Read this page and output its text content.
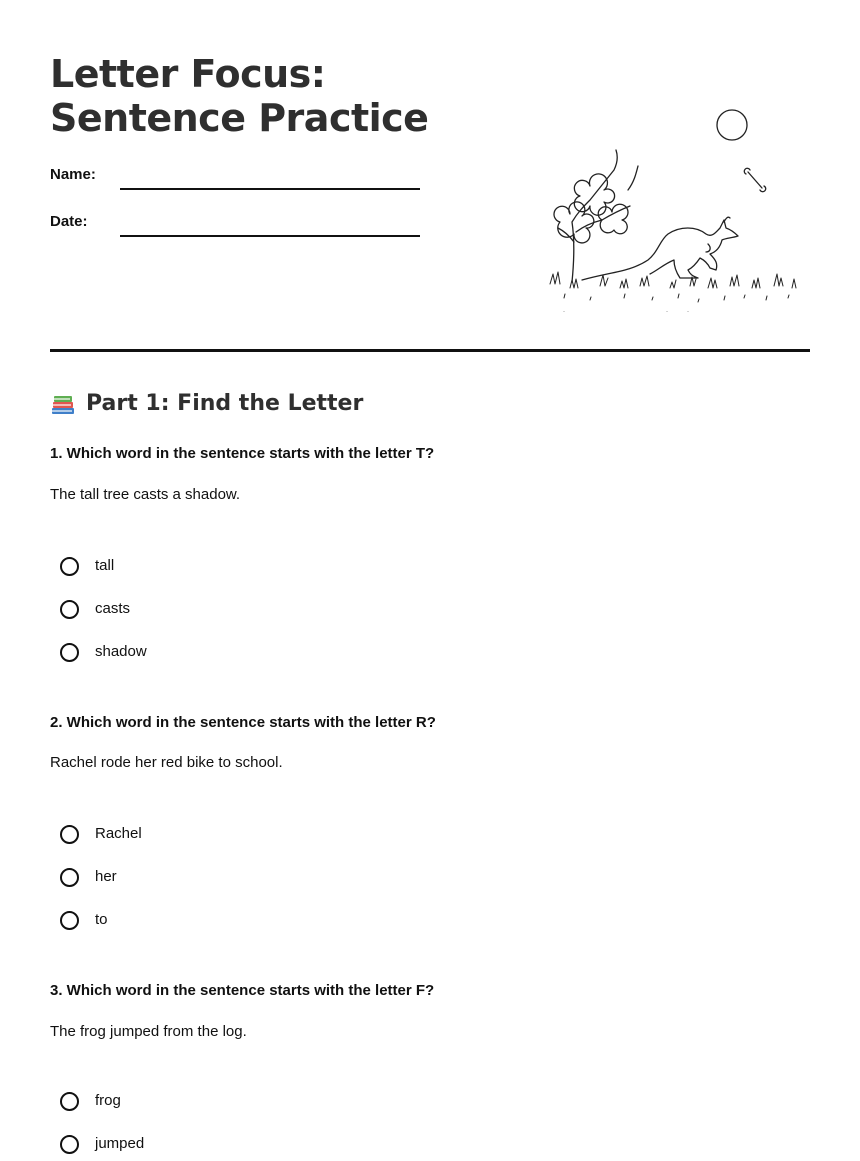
Letter Focus: Sentence Practice
Name:
Date:
Part 1: Find the Letter
1. Which word in the sentence starts with the letter T?
The tall tree casts a shadow.
tall
casts
shadow
2. Which word in the sentence starts with the letter R?
Rachel rode her red bike to school.
Rachel
her
to
3. Which word in the sentence starts with the letter F?
The frog jumped from the log.
frog
jumped
